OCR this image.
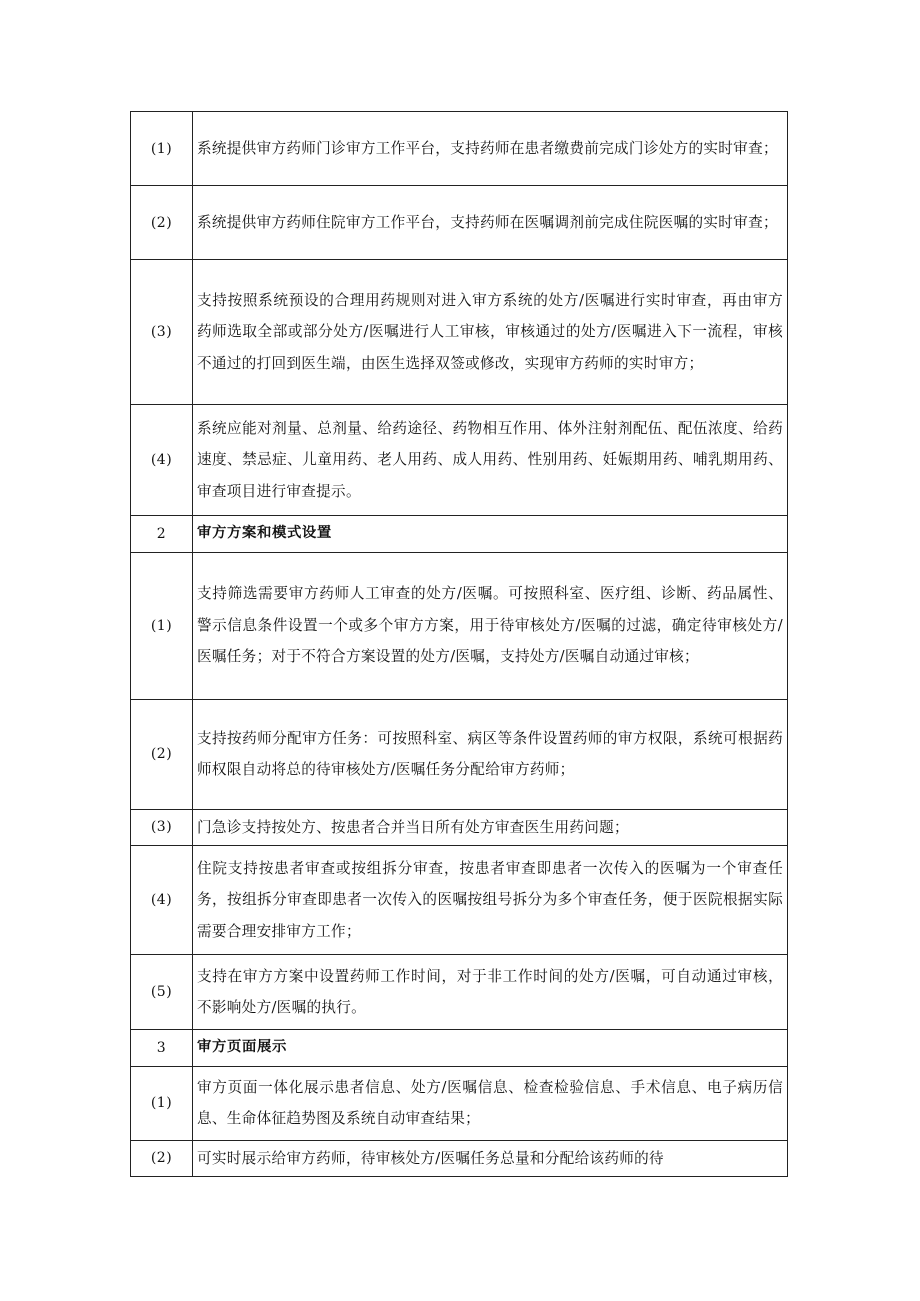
(1)	系统提供审方药师门诊审方工作平台，支持药师在患者缴费前完成门诊处方的实时审查；
(2)	系统提供审方药师住院审方工作平台，支持药师在医嘱调剂前完成住院医嘱的实时审查；
(3)	支持按照系统预设的合理用药规则对进入审方系统的处方/医嘱进行实时审查，再由审方药师选取全部或部分处方/医嘱进行人工审核，审核通过的处方/医嘱进入下一流程，审核不通过的打回到医生端，由医生选择双签或修改，实现审方药师的实时审方；
(4)	系统应能对剂量、总剂量、给药途径、药物相互作用、体外注射剂配伍、配伍浓度、给药速度、禁忌症、儿童用药、老人用药、成人用药、性别用药、妊娠期用药、哺乳期用药、审查项目进行审查提示。
2	审方方案和模式设置
(1)	支持筛选需要审方药师人工审查的处方/医嘱。可按照科室、医疗组、诊断、药品属性、警示信息条件设置一个或多个审方方案，用于待审核处方/医嘱的过滤，确定待审核处方/医嘱任务；对于不符合方案设置的处方/医嘱，支持处方/医嘱自动通过审核；
(2)	支持按药师分配审方任务：可按照科室、病区等条件设置药师的审方权限，系统可根据药师权限自动将总的待审核处方/医嘱任务分配给审方药师；
(3)	门急诊支持按处方、按患者合并当日所有处方审查医生用药问题；
(4)	住院支持按患者审查或按组拆分审查，按患者审查即患者一次传入的医嘱为一个审查任务，按组拆分审查即患者一次传入的医嘱按组号拆分为多个审查任务，便于医院根据实际需要合理安排审方工作；
(5)	支持在审方方案中设置药师工作时间，对于非工作时间的处方/医嘱，可自动通过审核，不影响处方/医嘱的执行。
3	审方页面展示
(1)	审方页面一体化展示患者信息、处方/医嘱信息、检查检验信息、手术信息、电子病历信息、生命体征趋势图及系统自动审查结果；
(2)	可实时展示给审方药师，待审核处方/医嘱任务总量和分配给该药师的待
